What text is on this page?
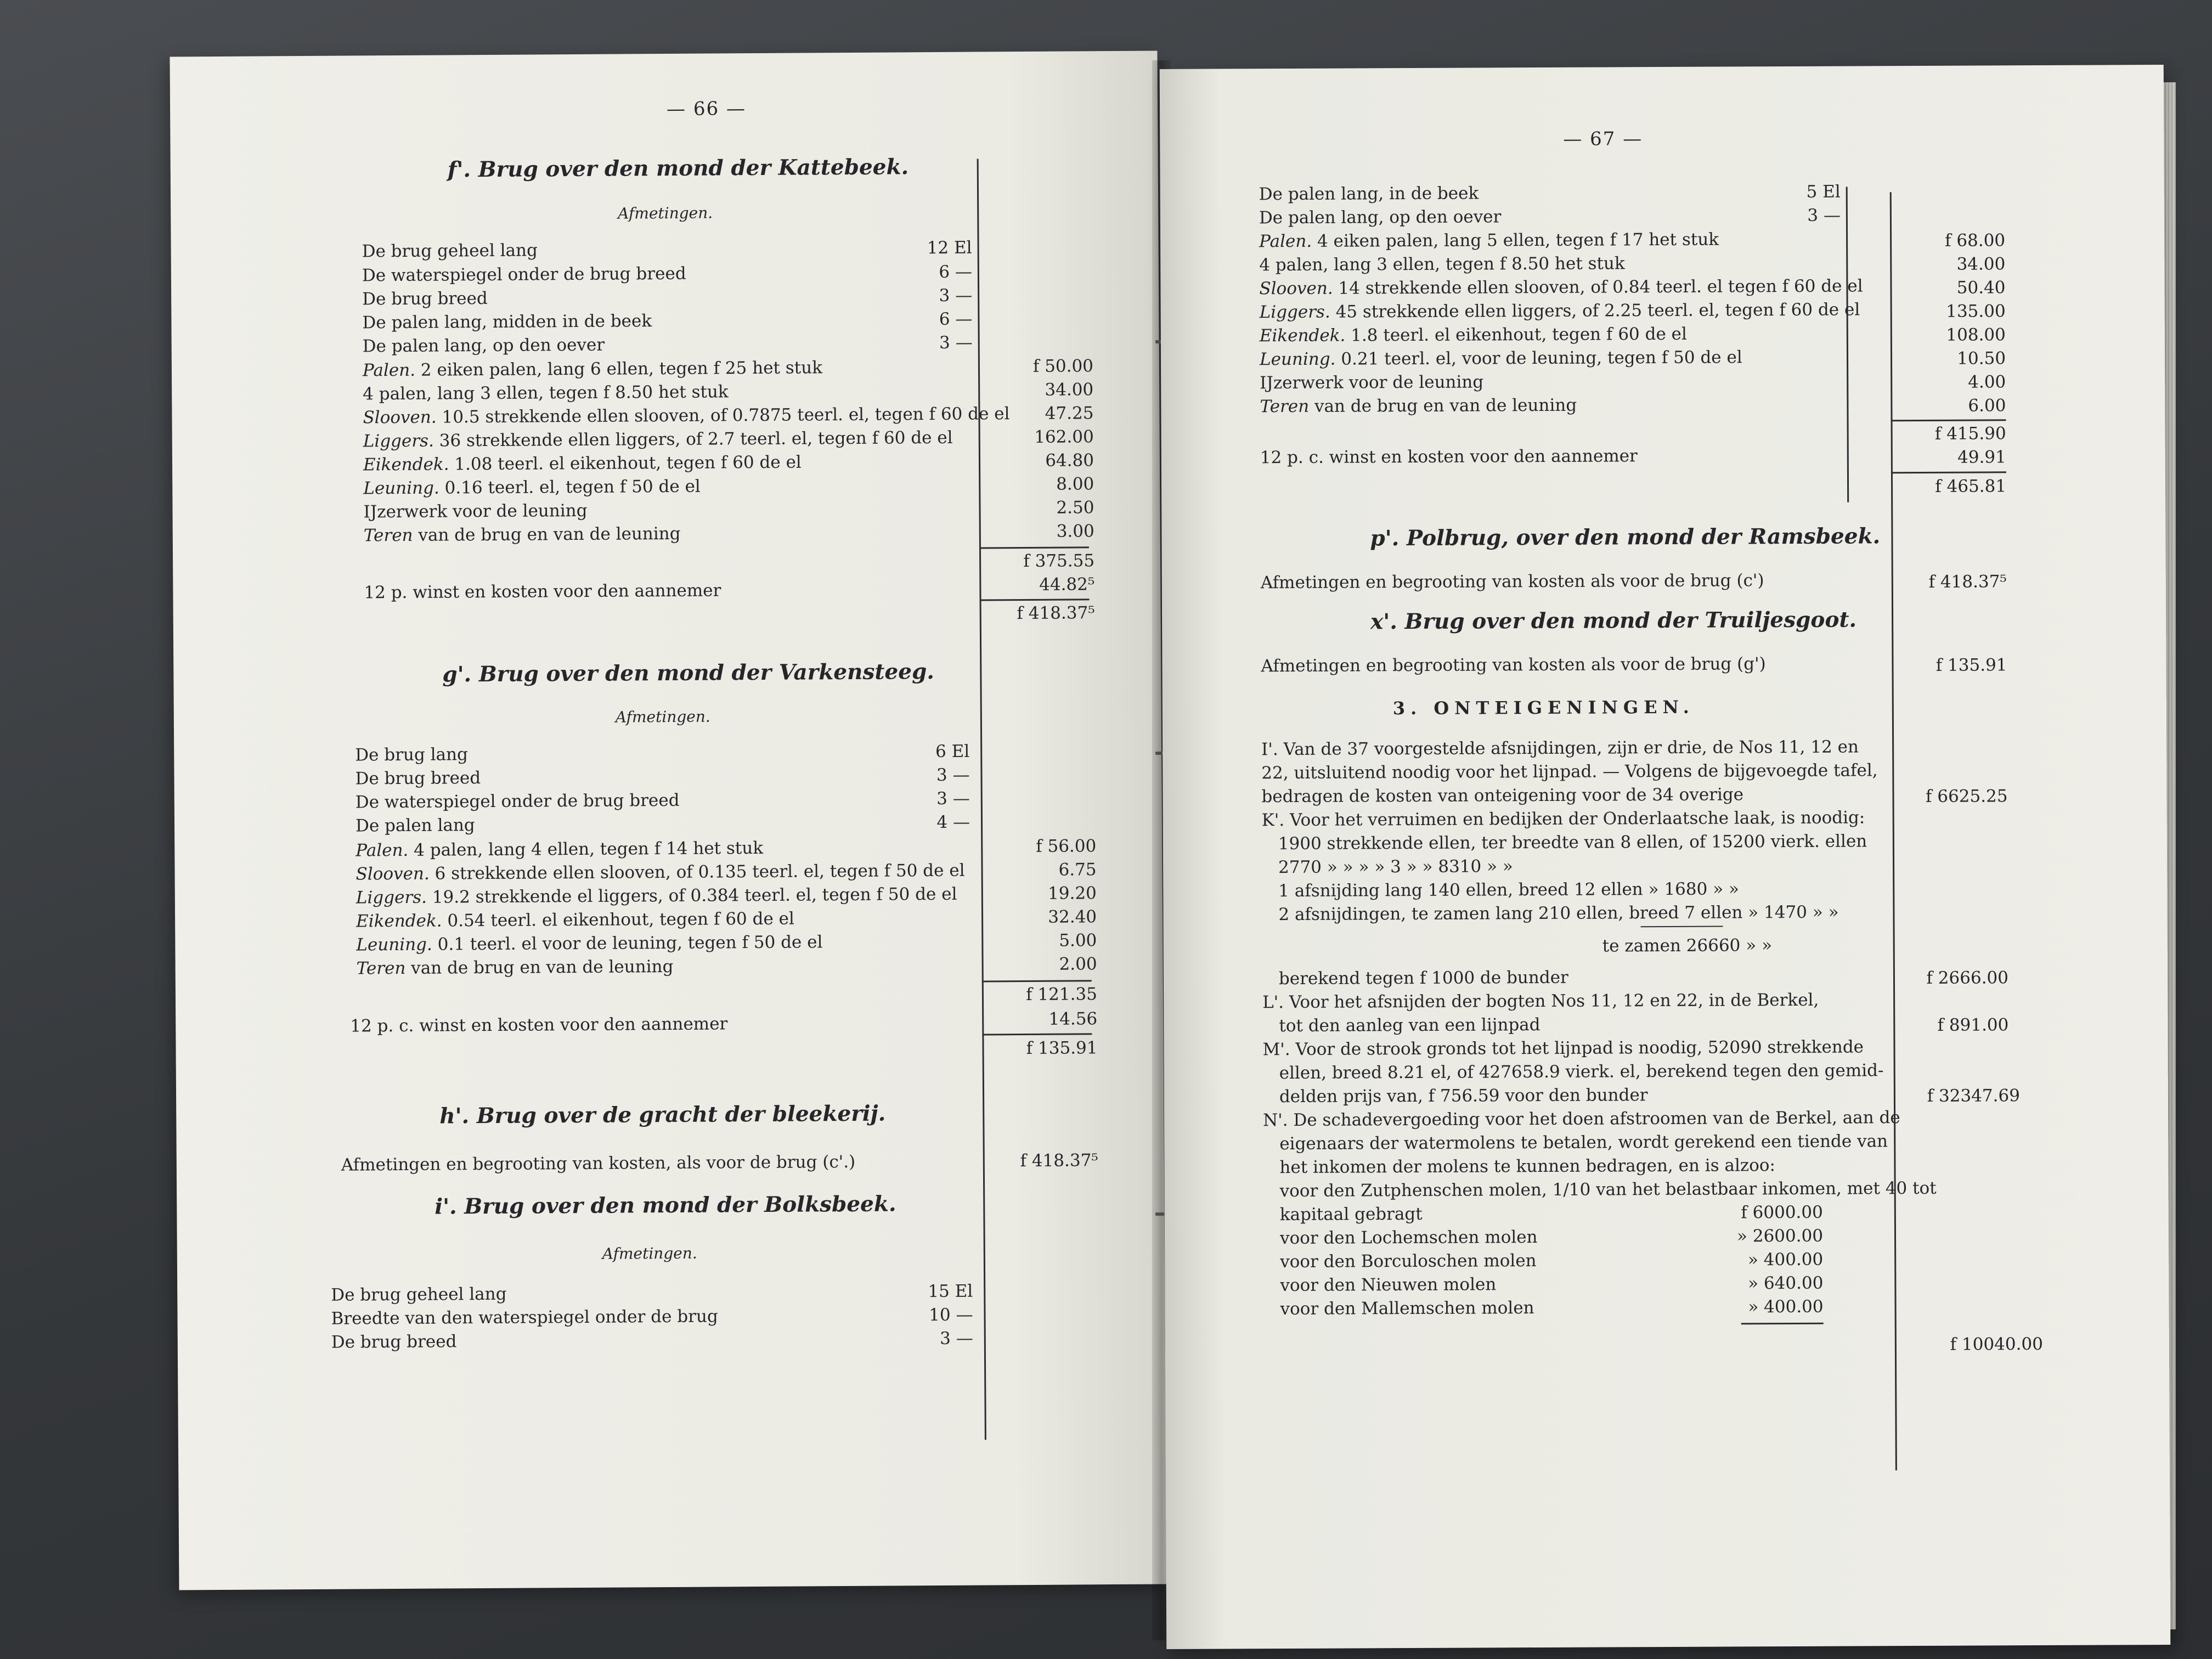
— 66 —
f'. Brug over den mond der Kattebeek.
Afmetingen.
De brug geheel lang	12 El
De waterspiegel onder de brug breed	6 —
De brug breed	3 —
De palen lang, midden in de beek	6 —
De palen lang, op den oever	3 —
Palen. 2 eiken palen, lang 6 ellen, tegen f 25 het stuk	f 50.00
4 palen, lang 3 ellen, tegen f 8.50 het stuk	34.00
Slooven. 10.5 strekkende ellen slooven, of 0.7875 teerl. el, tegen f 60 de el	47.25
Liggers. 36 strekkende ellen liggers, of 2.7 teerl. el, tegen f 60 de el	162.00
Eikendek. 1.08 teerl. el eikenhout, tegen f 60 de el	64.80
Leuning. 0.16 teerl. el, tegen f 50 de el	8.00
IJzerwerk voor de leuning	2.50
Teren van de brug en van de leuning	3.00
f 375.55
12 p. winst en kosten voor den aannemer	44.82⁵
f 418.37⁵
g'. Brug over den mond der Varkensteeg.
Afmetingen.
De brug lang	6 El
De brug breed	3 —
De waterspiegel onder de brug breed	3 —
De palen lang	4 —
Palen. 4 palen, lang 4 ellen, tegen f 14 het stuk	f 56.00
Slooven. 6 strekkende ellen slooven, of 0.135 teerl. el, tegen f 50 de el	6.75
Liggers. 19.2 strekkende el liggers, of 0.384 teerl. el, tegen f 50 de el	19.20
Eikendek. 0.54 teerl. el eikenhout, tegen f 60 de el	32.40
Leuning. 0.1 teerl. el voor de leuning, tegen f 50 de el	5.00
Teren van de brug en van de leuning	2.00
f 121.35
12 p. c. winst en kosten voor den aannemer	14.56
f 135.91
h'. Brug over de gracht der bleekerij.
Afmetingen en begrooting van kosten, als voor de brug (c'.)	f 418.37⁵
i'. Brug over den mond der Bolksbeek.
Afmetingen.
De brug geheel lang	15 El
Breedte van den waterspiegel onder de brug	10 —
De brug breed	3 —
— 67 —
De palen lang, in de beek	5 El
De palen lang, op den oever	3 —
Palen. 4 eiken palen, lang 5 ellen, tegen f 17 het stuk	f 68.00
4 palen, lang 3 ellen, tegen f 8.50 het stuk	34.00
Slooven. 14 strekkende ellen slooven, of 0.84 teerl. el tegen f 60 de el	50.40
Liggers. 45 strekkende ellen liggers, of 2.25 teerl. el, tegen f 60 de el	135.00
Eikendek. 1.8 teerl. el eikenhout, tegen f 60 de el	108.00
Leuning. 0.21 teerl. el, voor de leuning, tegen f 50 de el	10.50
IJzerwerk voor de leuning	4.00
Teren van de brug en van de leuning	6.00
f 415.90
12 p. c. winst en kosten voor den aannemer	49.91
f 465.81
p'. Polbrug, over den mond der Ramsbeek.
Afmetingen en begrooting van kosten als voor de brug (c')	f 418.37⁵
x'. Brug over den mond der Truiljesgoot.
Afmetingen en begrooting van kosten als voor de brug (g')	f 135.91
3. ONTEIGENINGEN.
I'. Van de 37 voorgestelde afsnijdingen, zijn er drie, de Nos 11, 12 en
22, uitsluitend noodig voor het lijnpad. — Volgens de bijgevoegde tafel,
bedragen de kosten van onteigening voor de 34 overige	f 6625.25
K'. Voor het verruimen en bedijken der Onderlaatsche laak, is noodig:
1900 strekkende ellen, ter breedte van 8 ellen, of 15200 vierk. ellen
2770 » » » » 3 » » 8310 » »
1 afsnijding lang 140 ellen, breed 12 ellen » 1680 » »
2 afsnijdingen, te zamen lang 210 ellen, breed 7 ellen » 1470 » »
te zamen 26660 » »
berekend tegen f 1000 de bunder	f 2666.00
L'. Voor het afsnijden der bogten Nos 11, 12 en 22, in de Berkel,
tot den aanleg van een lijnpad	f 891.00
M'. Voor de strook gronds tot het lijnpad is noodig, 52090 strekkende
ellen, breed 8.21 el, of 427658.9 vierk. el, berekend tegen den gemid-
delden prijs van, f 756.59 voor den bunder	f 32347.69
N'. De schadevergoeding voor het doen afstroomen van de Berkel, aan de
eigenaars der watermolens te betalen, wordt gerekend een tiende van
het inkomen der molens te kunnen bedragen, en is alzoo:
voor den Zutphenschen molen, 1/10 van het belastbaar inkomen, met 40 tot
kapitaal gebragt	f 6000.00
voor den Lochemschen molen	» 2600.00
voor den Borculoschen molen	» 400.00
voor den Nieuwen molen	» 640.00
voor den Mallemschen molen	» 400.00
f 10040.00
